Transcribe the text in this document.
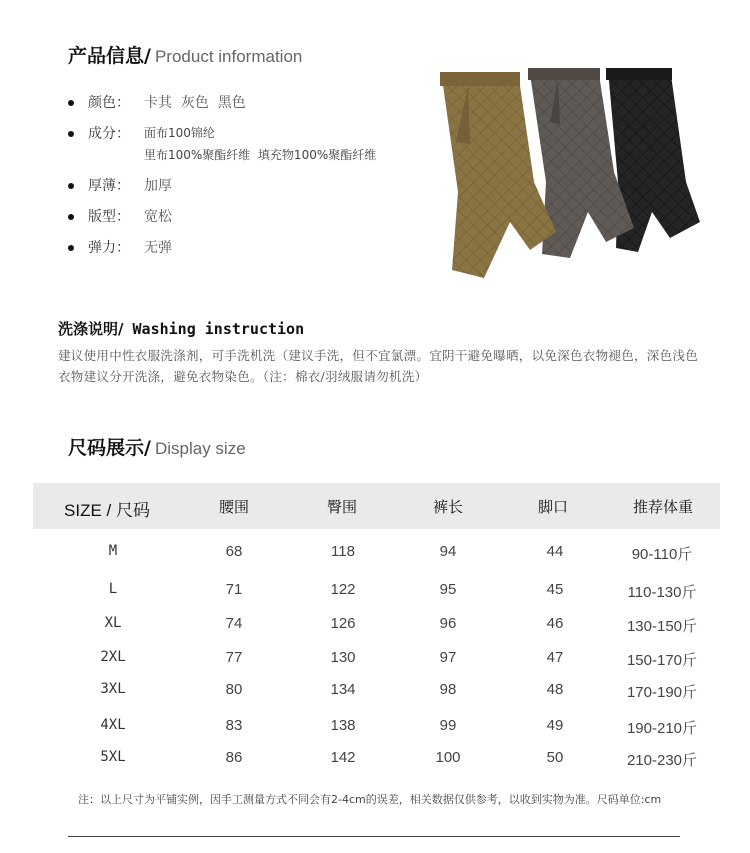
产品信息/ Product information
颜色： 卡其  灰色  黑色
成分： 面布100锦纶
里布100%聚酯纤维  填充物100%聚酯纤维
厚薄： 加厚
版型： 宽松
弹力： 无弹
洗涤说明/ Washing instruction
建议使用中性衣服洗涤剂，可手洗机洗（建议手洗，但不宜氯漂。宜阴干避免曝晒，以免深色衣物褪色，深色浅色衣物建议分开洗涤，避免衣物染色。（注：棉衣/羽绒服请勿机洗）
尺码展示/ Display size
SIZE / 尺码	腰围	臀围	裤长	脚口	推荐体重
M	68	118	94	44	90-110斤
L	71	122	95	45	110-130斤
XL	74	126	96	46	130-150斤
2XL	77	130	97	47	150-170斤
3XL	80	134	98	48	170-190斤
4XL	83	138	99	49	190-210斤
5XL	86	142	100	50	210-230斤
注：以上尺寸为平铺实例，因手工测量方式不同会有2-4cm的误差，相关数据仅供参考，以收到实物为准。尺码单位:cm
